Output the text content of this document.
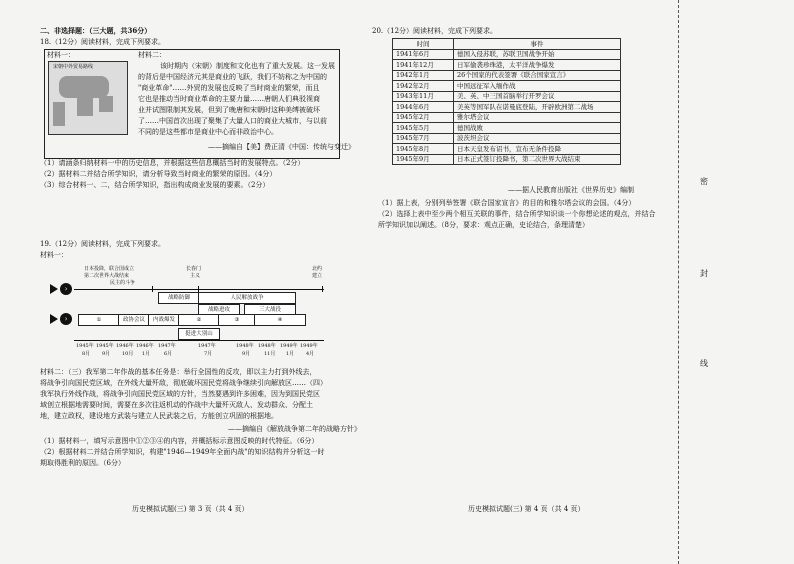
二、非选择题：（三大题，共36分）
18.（12分）阅读材料，完成下列要求。
材料一：
宋朝中外贸易路线
材料二：
该时期内（宋朝）制度和文化也有了重大发展。这一发展
的背后是中国经济元其是商业的飞跃，我们不妨称之为中国的
"商业革命"……外贸的发展也反映了当时商业的繁荣，而且
它也是推动当时商业革命的主要力量……唐朝人们典驳视商
业并试图限制其发展，但到了晚唐和宋朝时这种美缚被破坏
了……中国首次出现了聚集了大量人口的商业大城市，与以前
不同的是这些都市是商业中心而非政治中心。
——摘编自【美】费正清《中国：传统与变迁》
（1）请涵条归纳材料一中的历史信息，并根据这些信息概括当时的发展特点。（2分）
（2）据材料二并结合所学知识，请分析导致当时商业的繁荣的原因。（4分）
（3）综合材料一、二，结合所学知识，指出构成商业发展的要素。（2分）
19.（12分）阅读材料，完成下列要求。
材料一：
日本投降，联合国成立
第二次世界大战结束
民主的斗争
长春门
主义
北约
建立
›
战略防御	人民解放战争
战略进攻	三大战役
›	①	政协会议	内战爆发	②
挺进大别山
③	④
1945年
8月
1945年
9月
1946年
10月
1946年
1月
1947年
6月
1947年
7月
1948年
9月
1948年
11月
1949年
1月
1949年
4月
材料二：（三）我军第二年作战的基本任务是：举行全国性的反攻，即以主力打到外线去，
将战争引向国民党区域，在外线大量歼敌，彻底破坏国民党将战争继续引向解放区……（四）
我军执行外线作战，将战争引向国民党区域的方针，当然要遇到许多困难，因为到国民党区
域创立根据地需要时间，需要在多次往返机动的作战中大量歼灭敌人、发动群众、分配土
地，建立政权，建设地方武装与建立人民武装之后，方能创立巩固的根据地。
——摘编自《解放战争第二年的战略方针》
（1）据材料一，填写示意图中①②③④的内容，并概括标示意图反映的时代特征。（6分）
（2）根据材料二并结合所学知识，构建"1946—1949年全面内战"的知识结构并分析这一时
期取得胜利的原因。（6分）
历史模拟试题(三) 第 3 页（共 4 页）
20.（12分）阅读材料，完成下列要求。
时间	事件
1941年6月	德国入侵苏联，苏联卫国战争开始
1941年12月	日军偷袭珍珠港，太平洋战争爆发
1942年1月	26个国家的代表签署《联合国家宣言》
1942年2月	中国远征军入缅作战
1943年11月	美、英、中三国首脑举行开罗会议
1944年6月	美英等国军队在诺曼底登陆，开辟欧洲第二战场
1945年2月	雅尔塔会议
1945年5月	德国战败
1945年7月	波茨坦会议
1945年8月	日本天皇发布诏书，宣布无条件投降
1945年9月	日本正式签订投降书，第二次世界大战结束
——据人民教育出版社《世界历史》编制
（1）据上表，分别列举签署《联合国家宣言》的目的和雅尔塔会议的会国。（4分）
（2）选择上表中至少两个相互关联的事件，结合所学知识谈一个你想论述的观点，并结合
所学知识加以阐述。（8分，要求：观点正确，史论结合，条理清楚）
历史模拟试题(三) 第 4 页（共 4 页）
密
封
线
